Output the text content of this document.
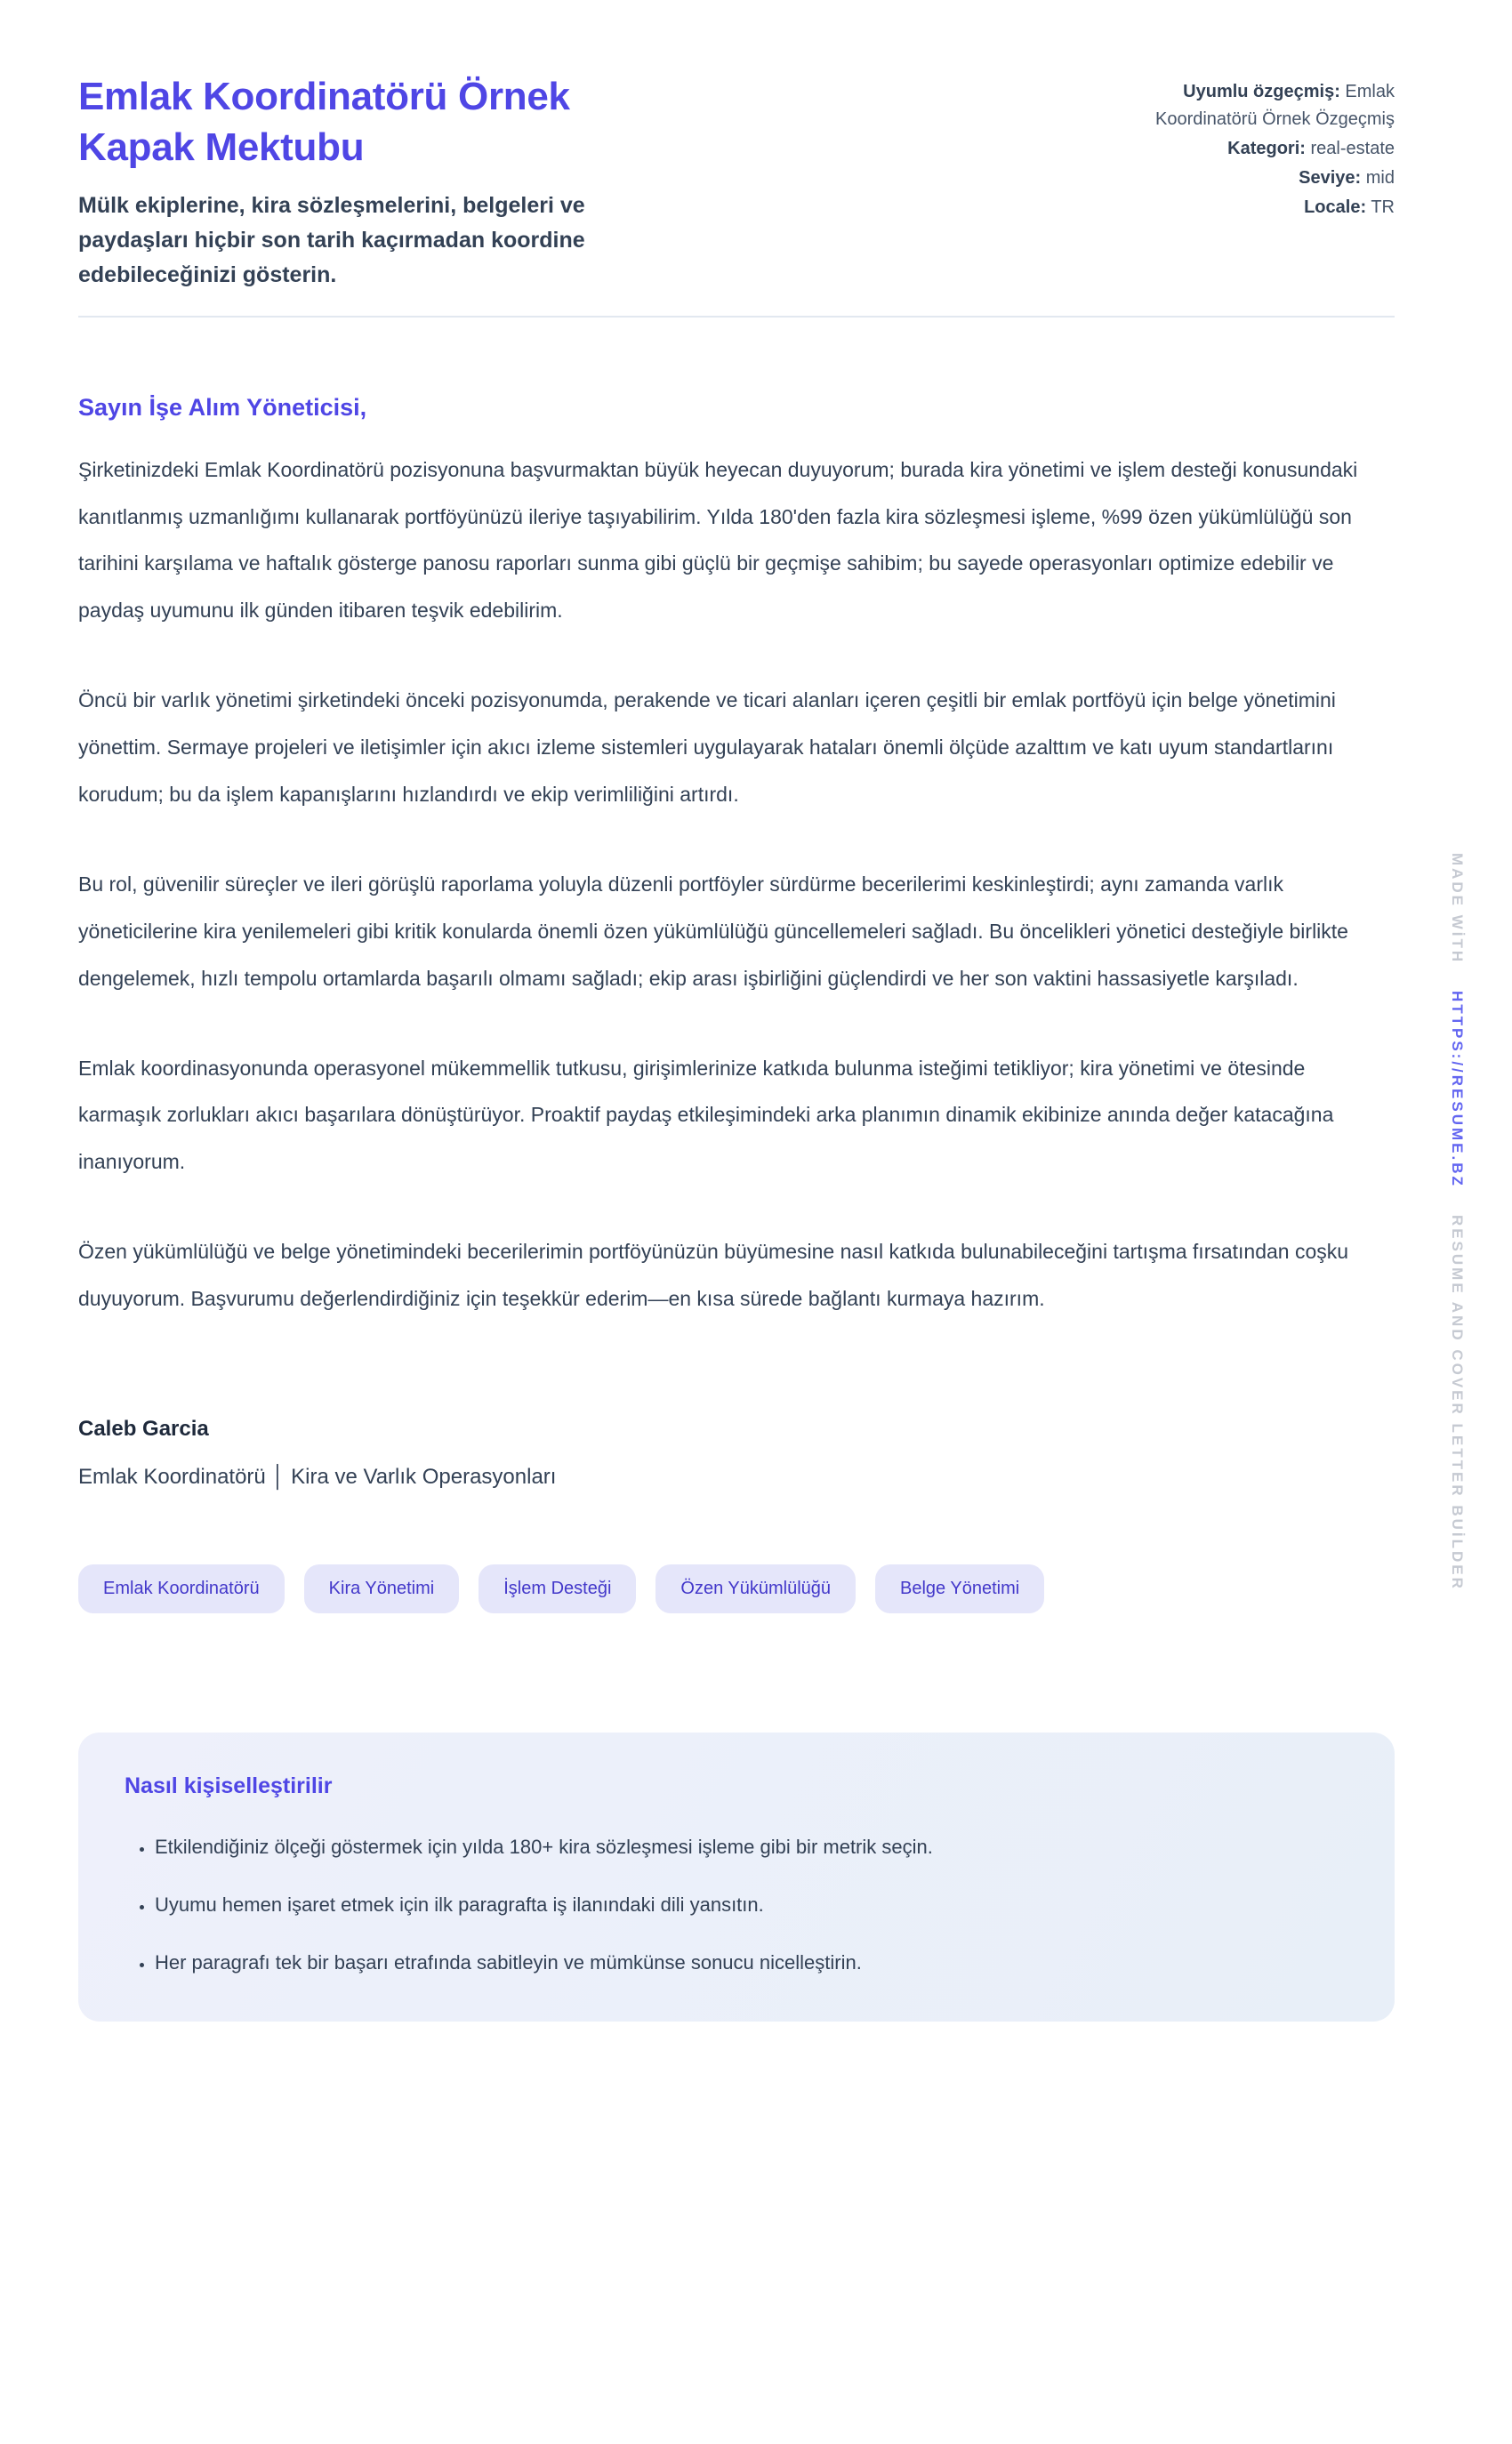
MADE WİTH
HTTPS://RESUME.BZ
RESUME AND COVER LETTER BUİLDER
Emlak Koordinatörü Örnek Kapak Mektubu

Mülk ekiplerine, kira sözleşmelerini, belgeleri ve paydaşları hiçbir son tarih kaçırmadan koordine edebileceğinizi gösterin.

Uyumlu özgeçmiş: Emlak Koordinatörü Örnek Özgeçmiş
Kategori: real-estate
Seviye: mid
Locale: TR

Sayın İşe Alım Yöneticisi,

Şirketinizdeki Emlak Koordinatörü pozisyonuna başvurmaktan büyük heyecan duyuyorum; burada kira yönetimi ve işlem desteği konusundaki kanıtlanmış uzmanlığımı kullanarak portföyünüzü ileriye taşıyabilirim. Yılda 180'den fazla kira sözleşmesi işleme, %99 özen yükümlülüğü son tarihini karşılama ve haftalık gösterge panosu raporları sunma gibi güçlü bir geçmişe sahibim; bu sayede operasyonları optimize edebilir ve paydaş uyumunu ilk günden itibaren teşvik edebilirim.

Öncü bir varlık yönetimi şirketindeki önceki pozisyonumda, perakende ve ticari alanları içeren çeşitli bir emlak portföyü için belge yönetimini yönettim. Sermaye projeleri ve iletişimler için akıcı izleme sistemleri uygulayarak hataları önemli ölçüde azalttım ve katı uyum standartlarını korudum; bu da işlem kapanışlarını hızlandırdı ve ekip verimliliğini artırdı.

Bu rol, güvenilir süreçler ve ileri görüşlü raporlama yoluyla düzenli portföyler sürdürme becerilerimi keskinleştirdi; aynı zamanda varlık yöneticilerine kira yenilemeleri gibi kritik konularda önemli özen yükümlülüğü güncellemeleri sağladı. Bu öncelikleri yönetici desteğiyle birlikte dengelemek, hızlı tempolu ortamlarda başarılı olmamı sağladı; ekip arası işbirliğini güçlendirdi ve her son vaktini hassasiyetle karşıladı.

Emlak koordinasyonunda operasyonel mükemmellik tutkusu, girişimlerinize katkıda bulunma isteğimi tetikliyor; kira yönetimi ve ötesinde karmaşık zorlukları akıcı başarılara dönüştürüyor. Proaktif paydaş etkileşimindeki arka planımın dinamik ekibinize anında değer katacağına inanıyorum.

Özen yükümlülüğü ve belge yönetimindeki becerilerimin portföyünüzün büyümesine nasıl katkıda bulunabileceğini tartışma fırsatından coşku duyuyorum. Başvurumu değerlendirdiğiniz için teşekkür ederim—en kısa sürede bağlantı kurmaya hazırım.

Caleb Garcia

Emlak Koordinatörü │ Kira ve Varlık Operasyonları

Emlak Koordinatörü	Kira Yönetimi	İşlem Desteği	Özen Yükümlülüğü	Belge Yönetimi
Nasıl kişiselleştirilir
• Etkilendiğiniz ölçeği göstermek için yılda 180+ kira sözleşmesi işleme gibi bir metrik seçin.
• Uyumu hemen işaret etmek için ilk paragrafta iş ilanındaki dili yansıtın.
• Her paragrafı tek bir başarı etrafında sabitleyin ve mümkünse sonucu nicelleştirin.
